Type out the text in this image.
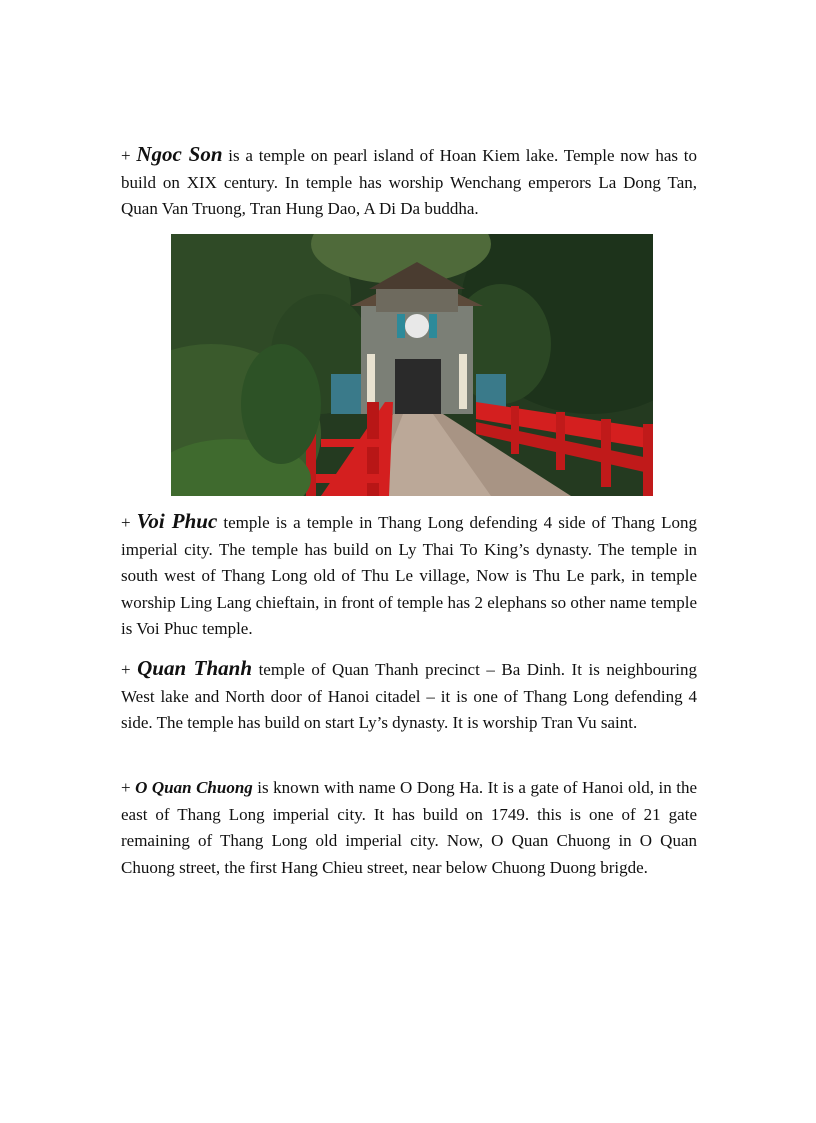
+ Ngoc Son is a temple on pearl island of Hoan Kiem lake. Temple now has to build on XIX century. In temple has worship Wenchang emperors La Dong Tan, Quan Van Truong, Tran Hung Dao, A Di Da buddha.

+ Voi Phuc temple is a temple in Thang Long defending 4 side of Thang Long imperial city. The temple has build on Ly Thai To King’s dynasty. The temple in south west of Thang Long old of Thu Le village, Now is Thu Le park, in temple worship Ling Lang chieftain, in front of temple has 2 elephans so other name temple is Voi Phuc temple.

+ Quan Thanh temple of Quan Thanh precinct – Ba Dinh. It is neighbouring West lake and North door of Hanoi citadel – it is one of Thang Long defending 4 side. The temple has build on start Ly’s dynasty. It is worship Tran Vu saint.

+ O Quan Chuong is known with name O Dong Ha. It is a gate of Hanoi old, in the east of Thang Long imperial city. It has build on 1749. this is one of 21 gate remaining of Thang Long old imperial city. Now, O Quan Chuong in O Quan Chuong street, the first Hang Chieu street, near below Chuong Duong brigde.
